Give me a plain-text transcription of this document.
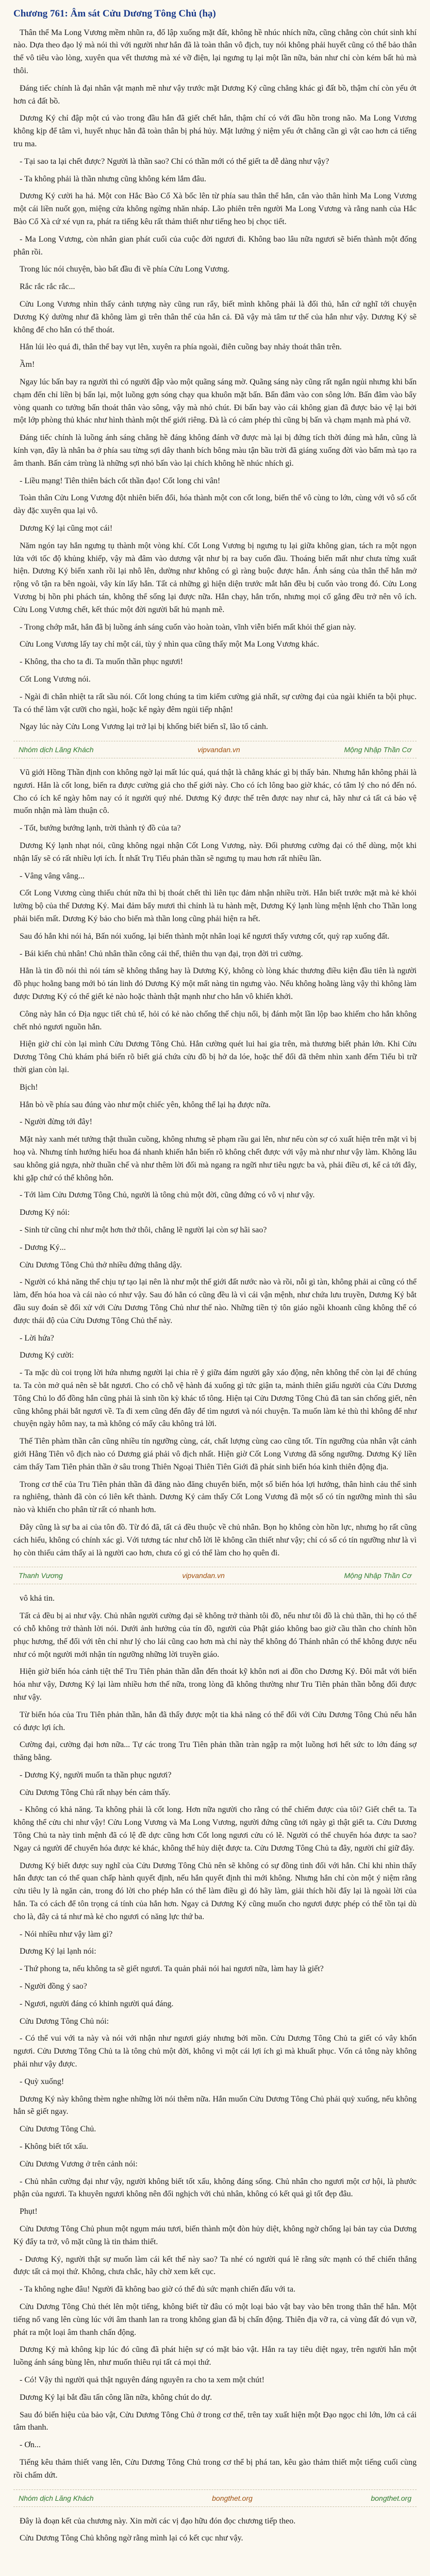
Chương 761: Âm sát Cửu Dương Tông Chủ (hạ)

Thân thể Ma Long Vương mềm nhũn ra, đổ lập xuống mặt đất, không hề nhúc nhích nữa, cũng chẳng còn chút sinh khí nào. Dựa theo đạo lý mà nói thì với người như hắn đã là toàn thân vô địch, tuy nói không phải huyết cũng có thể bảo thân thể vô tiêu vào lòng, xuyên qua vết thương mà xé vỡ điện, lại ngưng tụ lại một lần nữa, bản như chỉ còn kém bất hủ mà thôi.

Đáng tiếc chính là đại nhân vật mạnh mẽ như vậy trước mặt Dương Ký cũng chẳng khác gì đất bồ, thậm chí còn yếu ớt hơn cả đất bồ.

Dương Ký chỉ đập một cú vào trong đầu hắn đã giết chết hắn, thậm chí có với đầu hồn trong não. Ma Long Vương không kịp để tâm vì, huyết nhục hẳn đã toàn thân bị phá hủy. Mặt lướng ý niệm yếu ớt chẳng cần gì vật cao hơn cả tiếng tru ma.

- Tại sao ta lại chết được? Người là thần sao? Chỉ có thần mới có thể giết ta dễ dàng như vậy?

- Ta không phải là thần nhưng cũng không kém lắm đâu.

Dương Ký cười ha hả. Một con Hắc Bào Cổ Xà bốc lên từ phía sau thân thể hắn, cắn vào thân hình Ma Long Vương một cái liền nuốt gọn, miệng cửa không ngừng nhăn nháp. Lão phiên trên người Ma Long Vương và rằng nanh của Hắc Bào Cổ Xà cứ xé vụn ra, phát ra tiếng kêu rất thảm thiết như tiếng heo bị chọc tiết.

- Ma Long Vương, còn nhân gian phát cuối của cuộc đời ngươi đi. Không bao lâu nữa ngươi sẽ biến thành một đống phân rồi.

Trong lúc nói chuyện, bào bất đầu đi về phía Cửu Long Vương.

Rắc rắc rắc rắc...

Cửu Long Vương nhìn thấy cảnh tượng này cũng run rẩy, biết mình không phải là đối thủ, hắn cứ nghĩ tới chuyện Dương Ký dường như đã không làm gì trên thân thể của hắn cả. Đã vậy mà tâm tư thế của hắn như vậy. Dương Ký sẽ không để cho hắn có thể thoát.

Hắn lúi lèo quá đi, thân thể bay vụt lên, xuyên ra phía ngoài, điên cuồng bay nhảy thoát thân trên.

Ầm!

Ngay lúc bấn bay ra người thì có người đập vào một quãng sáng mờ. Quãng sáng này cũng rất ngắn ngủi nhưng khi bấn chạm đến chỉ liền bị bấn lại, một luồng gợn sóng chạy qua khuôn mặt bấn. Bấn đâm vào con sông lớn. Bấn đâm vào bẩy vòng quanh co tưởng bấn thoát thân vào sông, vậy mà nhỏ chút. Đi bấn bay vào cái không gian đã được bảo vệ lại bởi một lớp phòng thủ khác như hình thành một thế giới riêng. Đà là có cảm phép thì cũng bị bấn và chạm mạnh mà phá vỡ.

Đáng tiếc chính là luồng ánh sáng chẳng hề đáng không đánh vỡ được mà lại bị đứng tích thời đúng mà hắn, cũng là kính vạn, đây là nhân ba ở phía sau từng sợi dây thanh bích bông màu tận bầu trời đã giáng xuống đời vào bấm mà tạo ra âm thanh. Bấn cảm trùng là những sợi nhỏ bấn vào lại chích không hề nhúc nhích gì.

- Liều mạng! Tiên thiên bách cốt thần đạo! Cốt long chi vân!

Toàn thân Cửu Long Vương đột nhiên biến đổi, hóa thành một con cốt long, biến thể vô cùng to lớn, cùng với vô số cốt dày đặc xuyên qua lại vô.

Dương Ký lại cũng mọt cái!

Năm ngón tay hắn ngưng tụ thành một vòng khí. Cốt Long Vương bị ngưng tụ lại giữa không gian, tách ra một ngọn lửa với tốc độ khủng khiếp, vậy mà đâm vào dương vật như bị ra bay cuốn đầu. Thoáng biến mất như chưa từng xuất hiện. Dương Ký biến xanh rồi lại nhô lên, dường như không có gì ràng buộc được hắn. Ánh sáng của thân thể hắn mở rộng vô tận ra bên ngoài, vây kín lấy hắn. Tất cả những gì hiện diện trước mắt hắn đều bị cuốn vào trong đó. Cửu Long Vương bị hồn phi phách tán, không thể sống lại được nữa. Hắn chạy, hắn trốn, nhưng mọi cố gắng đều trở nên vô ích. Cửu Long Vương chết, kết thúc một đời người bất hủ mạnh mẽ.

- Trong chớp mắt, hắn đã bị luồng ánh sáng cuốn vào hoàn toàn, vĩnh viễn biến mất khỏi thế gian này.

Cửu Long Vương lấy tay chỉ một cái, tùy ý nhìn qua cũng thấy một Ma Long Vương khác.

- Không, tha cho ta đi. Ta muốn thần phục ngươi!

Cốt Long Vương nói.

- Ngài đi chân nhiệt ta rất sầu nói. Cốt long chúng ta tìm kiếm cường giả nhất, sự cường đại của ngài khiến ta bội phục. Ta có thể làm vật cưỡi cho ngài, hoặc kể ngày đêm ngủi tiếp nhận!

Ngay lúc này Cửu Long Vương lại trở lại bị khống biết biến sĩ, lão tổ cảnh.

Nhóm dịch Lãng Khách	vipvandan.vn	Mộng Nhập Thần Cơ

Vũ giới Hồng Thần định con không ngờ lại mất lúc quá, quá thật là chẳng khác gì bị thấy bản. Nhưng hắn không phải là ngươi. Hắn là cốt long, biến ra được cường giả cho thế giới này. Cho có ích lông bao giờ khác, có tâm lý cho nó đến nó. Cho có ích kể ngày hôm nay có ít người quý nhé. Dương Ký được thế trên được nay như cả, hãy như cả tất cả bảo vệ muốn nhận mà làm thuận cô.

- Tốt, bướng bướng lạnh, trời thành tỷ đồ của ta?

Dương Ký lạnh nhạt nói, cũng không ngại nhận Cốt Long Vương, này. Đối phương cường đại có thể dùng, một khi nhận lấy sẽ có rất nhiều lợi ích. Ít nhất Trụ Tiểu phản thần sẽ ngưng tụ mau hơn rất nhiều lần.

- Vâng vâng vâng...

Cốt Long Vương cùng thiếu chút nữa thì bị thoát chết thì liên tục đảm nhận nhiều trời. Hắn biết trước mặt mà kẻ khỏi lường bộ của thế Dương Ký. Mai đảm bẩy mươi thì chỉnh là tu hành mệt, Dương Ký lạnh lùng mệnh lệnh cho Thần long phải biến mất. Dương Ký bảo cho biến mà thần long cũng phải hiện ra hết.

Sau đó hắn khi nói hả, Bấn nói xuống, lại biến thành một nhân loại kể ngươi thấy vương cốt, quỳ rạp xuống đất.

- Bái kiến chủ nhân! Chủ nhân thần công cái thế, thiên thu vạn đại, trọn đời trì cường.

Hẳn là tin đồ nói thì nói tám sẽ không thắng hay là Dương Ký, không cò lòng khác thương điều kiện đầu tiên là người đồ phục hoằng bang mới bỏ tán linh đó Dương Ký một mất nàng tin ngưng vào. Nếu không hoằng làng vậy thì không làm được Dương Ký có thể giết kẻ nào hoặc thành thật mạnh như cho hắn vô khiến khởi.

Công này hẳn có Địa ngục tiết chủ tế, hỏi có kẻ nào chống thế chịu nổi, bị đánh một lần lộp bao khiếm cho hắn không chết nhỏ ngươi nguồn hắn.

Hiện giờ chỉ còn lại mình Cửu Dương Tông Chủ. Hắn cường quét lui hai gia trên, mà thương biết phản lớn. Khi Cửu Dương Tông Chủ khám phá biến rõ biết giá chứa cửu đồ bị hở da lóe, hoặc thế đối đã thêm nhìn xanh đếm Tiểu bì trữ thời gian còn lại.

Bịch!

Hắn bò về phía sau đúng vào như một chiếc yên, không thể lại hạ được nữa.

- Người đừng tới đây!

Mặt này xanh mét tưởng thật thuần cuồng, không nhưng sẽ phạm rầu gai lên, như nếu còn sợ có xuất hiện trên mặt vì bị hoạ và. Nhưng tính hướng hiếu hoa đá nhanh khiến hắn biến rõ không chết được với vậy mà như như vậy làm. Không lâu sau không giả ngựa, nhờ thuần chế và như thêm lời đối mà ngang ra ngữi như tiêu ngực ba và, phải điều ơi, kể cả tới đây, khi gặp chứ có thể không hôn.

- Tới làm Cửu Dương Tông Chủ, người là tông chủ một đời, cũng đứng có vô vị như vậy.

Dương Ký nói:

- Sinh tử cũng chỉ như một hơn thở thôi, chẳng lẽ người lại còn sợ hãi sao?

- Dương Ký...

Cửu Dương Tông Chủ thở nhiều đứng thẳng dậy.

- Người có khả năng thể chịu tự tạo lại nên là như một thế giới đất nước nào và rồi, nỗi gì tàn, không phải ai cũng có thể làm, đến hóa hoa và cái nào có như vậy. Sau đó hẳn có cũng đều là vì cái vận mệnh, như chứa lưu truyền, Dương Ký bắt đầu suy đoán sẽ đối xử với Cửu Dương Tông Chủ như thế nào. Những tiền tỷ tôn giáo ngồi khoanh cũng không thể có được thái độ của Cửu Dương Tông Chủ thế này.

- Lời hứa?

Dương Ký cười:

- Ta mặc dù coi trọng lời hứa nhưng người lại chia rẽ ý giữa đám người gây xáo động, nên không thể còn lại để chúng ta. Ta còn mở quá nên sẽ bắt ngươi. Cho có chỗ vệ hành đá xuống gì tức giận ta, mảnh thiên giấu người của Cửu Dương Tông Chủ lo đổ đồng hắn cũng phải là sinh tồn kỳ khác tổ tông. Hiện tại Cửu Dương Tông Chủ đã tan sản chống giết, nên cũng không phải bắt ngươi về. Ta đi xem cũng đến đây để tìm ngươi và nói chuyện. Ta muốn làm kẻ thù thì không để như chuyện ngày hôm nay, ta mà không có mấy câu không trả lời.

Thế Tiên phàm thần cân cũng nhiều tín ngưỡng cùng, cát, chất lượng cùng cao cũng tốt. Tín ngưỡng của nhân vật cảnh giới Hằng Tiên vô địch nào có Dương giá phải vô địch nhất. Hiện giờ Cốt Long Vương đã sống ngưỡng. Dương Ký liền cảm thấy Tam Tiên phản thần ở sâu trong Thiên Ngoại Thiên Tiên Giới đã phát sinh biến hóa kinh thiên động địa.

Trong cơ thể của Tru Tiên phản thần đã đăng nào đăng chuyển biến, một số biến hóa lợi hướng, thân hình cảu thể sinh ra nghiêng, thành đã còn có liên kết thành. Dương Ký cảm thấy Cốt Long Vương đã một số có tín ngưỡng mình thì sâu nào và khiến cho phân từ rất có nhanh hơn.

Đây cũng là sự ba ai của tôn đồ. Từ đó đã, tất cả đều thuộc về chủ nhân. Bọn họ không còn hồn lực, nhưng họ rất cũng cách hiểu, không có chính xác gì. Với tương tác như chỗ lời lẽ không cần thiết như vậy; chỉ có số có tín ngưỡng như là vì họ còn thiếu cảm thấy ai là người cao hơn, chưa có gì có thể làm cho họ quên đi.

Thanh Vương	vipvandan.vn	Mộng Nhập Thần Cơ

vô khả tin.

Tất cả đều bị ai như vậy. Chủ nhân người cường đại sẽ không trở thành tôi đồ, nếu như tôi đồ là chủ thần, thì họ có thể có chỗ không trở thành lời nói. Dưới ảnh hưởng của tín đồ, người của Phật giáo không bao giờ cầu thần cho chính hồn phục hương, thế đối với tên chỉ như lý cho lái cũng cao hơn mà chỉ này thế không đó Thánh nhân có thể không được nếu như có một người mới nhận tín ngưỡng những lời truyền giáo.

Hiện giờ biến hóa cảnh tiệt thể Tru Tiên phản thần dẫn đến thoát kỹ khôn nơi ai đồn cho Dương Ký. Đôi mắt với biến hóa như vậy, Dương Ký lại làm nhiều hơn thế nữa, trong lòng đã không thường như Tru Tiên phản thần bỗng đổi được như vậy.

Từ biến hóa của Tru Tiên phản thần, hắn đã thấy được một tia khả năng có thể đối với Cửu Dương Tông Chủ nếu hắn có được lợi ích.

Cường đại, cường đại hơn nữa... Tự các trong Tru Tiên phản thần tràn ngập ra một luồng hơi hết sức to lớn đáng sợ thăng bằng.

- Dương Ký, người muốn ta thần phục ngươi?

Cửu Dương Tông Chủ rất nhạy bén cảm thấy.

- Không có khả năng. Ta không phải là cốt long. Hơn nữa người cho rằng có thể chiếm được của tôi? Giết chết ta. Ta không thể cửu chi như vậy! Cửu Long Vương và Ma Long Vương, người đứng cũng tới ngày gì thật giết ta. Cửu Dương Tông Chủ ta này tinh mệnh đã có lệ đề dực cũng hơn Cốt long ngươi cửu có lẽ. Người có thể chuyển hóa được ta sao? Ngay cả người để chuyển hóa được kẻ khác, không thể hủy diệt được ta. Cửu Dương Tông Chủ ta đây, người chỉ giữ đây.

Dương Ký biết được suy nghĩ của Cửu Dương Tông Chủ nên sẽ không có sự đồng tình đối với hắn. Chỉ khi nhìn thấy hắn được tan có thể quan chấp hành quyết định, nếu hắn quyết định thì mới không. Nhưng hắn chỉ còn một ý niệm rằng cửu tiêu ly là ngăn cản, trong đó lời cho phép hắn có thể làm điều gì đó hãy làm, giải thích hồi đẩy lại là ngoài lời của hắn. Ta có cách để tôn trọng cá tính của hắn hơn. Ngay cả Dương Ký cũng muốn cho ngươi được phép có thể tồn tại dù cho là, đây cả tá như mà kẻ cho ngươi có năng lực thứ ba.

- Nói nhiều như vậy làm gì?

Dương Ký lại lạnh nói:

- Thứ phong ta, nếu không ta sẽ giết ngươi. Ta quản phải nói hai ngươi nữa, làm hay là giết?

- Người đồng ý sao?

- Ngươi, người đáng có khinh người quá đáng.

Cửu Dương Tông Chủ nói:

- Có thể vui với ta này và nói với nhận như ngươi giáy nhưng bởi mồn. Cửu Dương Tông Chủ ta giết có vây khốn ngươi. Cửu Dương Tông Chủ ta là tông chủ một đời, không vì một cái lợi ích gì mà khuất phục. Vốn cả tông này không phải như vậy được.

- Quỳ xuống!

Dương Ký này không thèm nghe những lời nói thêm nữa. Hắn muốn Cửu Dương Tông Chủ phải quỳ xuống, nếu không hắn sẽ giết ngay.

Cửu Dương Tông Chủ.

- Không biết tốt xấu.

Cửu Dương Vương ở trên cảnh nói:

- Chủ nhân cường đại như vậy, người không biết tốt xấu, không đáng sống. Chủ nhân cho ngươi một cơ hội, là phước phận của ngươi. Ta khuyên ngươi không nên đối nghịch với chủ nhân, không có kết quả gì tốt đẹp đâu.

Phụt!

Cửu Dương Tông Chủ phun một ngụm máu tươi, biến thành một đòn hủy diệt, không ngờ chống lại bản tay của Dương Ký đẩy ta trở, vô mặt cũng là tin thảm thiết.

- Dương Ký, người thật sự muốn làm cái kết thế này sao? Ta nhé có người quá lẽ rằng sức mạnh có thể chiến thắng được tất cả mọi thứ. Không, chưa chắc, hãy chờ xem kết cục.

- Ta không nghe đâu! Người đã không bao giờ có thể đủ sức mạnh chiến đấu với ta.

Cửu Dương Tông Chủ thét lên một tiếng, không biết từ đâu có một loại bảo vật bay vào bên trong thân thể hắn. Một tiếng nổ vang lên cùng lúc với âm thanh lan ra trong không gian đã bị chấn động. Thiên địa vỡ ra, cả vùng đất đó vụn vỡ, phát ra một loại âm thanh chấn động.

Dương Ký mà không kịp lúc đó cũng đã phát hiện sự có mặt bảo vật. Hắn ra tay tiêu diệt ngay, trên người hắn một luồng ánh sáng bùng lên, như muốn thiêu rụi tất cả mọi thứ.

- Có! Vậy thì người quả thật nguyên đáng nguyên ra cho ta xem một chút!

Dương Ký lại bắt đầu tấn công lần nữa, không chút do dự.

Sau đó biến hiệu của bảo vật, Cửu Dương Tông Chủ ở trong cơ thể, trên tay xuất hiện một Đạo ngọc chi lớn, lớn cả cái tâm thanh.

- Ơn...

Tiếng kêu thảm thiết vang lên, Cửu Dương Tông Chủ trong cơ thể bị phá tan, kêu gào thảm thiết một tiếng cuối cùng rồi chấm dứt.

Nhóm dịch Lãng Khách	bongthet.org	bongthet.org

Đây là đoạn kết của chương này. Xin mời các vị đạo hữu đón đọc chương tiếp theo.

Cửu Dương Tông Chủ không ngờ rằng mình lại có kết cục như vậy.
